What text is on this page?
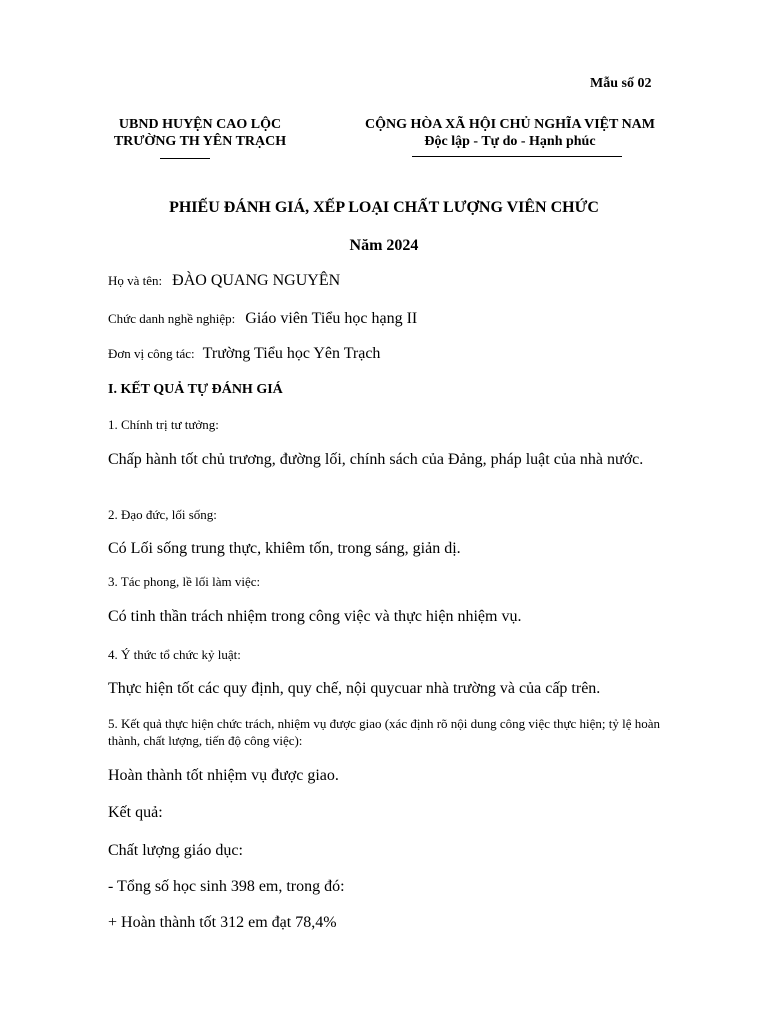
Mẫu số 02
UBND HUYỆN CAO LỘC
TRƯỜNG TH YÊN TRẠCH
CỘNG HÒA XÃ HỘI CHỦ NGHĨA VIỆT NAM
Độc lập - Tự do - Hạnh phúc
PHIẾU ĐÁNH GIÁ, XẾP LOẠI CHẤT LƯỢNG VIÊN CHỨC
Năm 2024
Họ và tên: ĐÀO QUANG NGUYÊN
Chức danh nghề nghiệp: Giáo viên Tiểu học hạng II
Đơn vị công tác: Trường Tiểu học Yên Trạch
I. KẾT QUẢ TỰ ĐÁNH GIÁ
1. Chính trị tư tưởng:
Chấp hành tốt chủ trương, đường lối, chính sách của Đảng, pháp luật của nhà nước.
2. Đạo đức, lối sống:
Có Lối sống trung thực, khiêm tốn, trong sáng, giản dị.
3. Tác phong, lề lối làm việc:
Có tinh thần trách nhiệm trong công việc và thực hiện nhiệm vụ.
4. Ý thức tổ chức kỷ luật:
Thực hiện tốt các quy định, quy chế, nội quycuar nhà trường và của cấp trên.
5. Kết quả thực hiện chức trách, nhiệm vụ được giao (xác định rõ nội dung công việc thực hiện; tỷ lệ hoàn thành, chất lượng, tiến độ công việc):
Hoàn thành tốt nhiệm vụ được giao.
Kết quả:
Chất lượng giáo dục:
- Tổng số học sinh 398 em, trong đó:
+ Hoàn thành tốt 312 em đạt 78,4%
